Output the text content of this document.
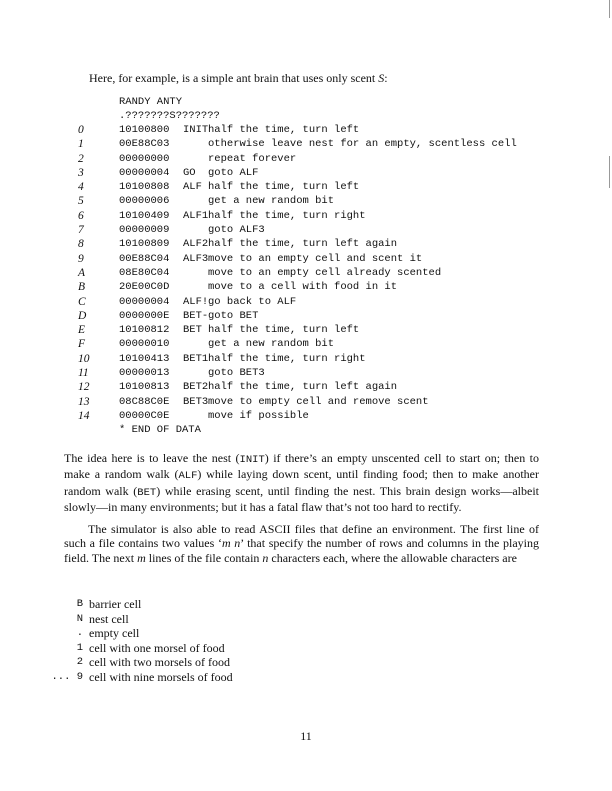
Here, for example, is a simple ant brain that uses only scent S:
RANDY ANTY
.???????S???????
0	10100800 INIT half the time, turn left
1	00E88C03	otherwise leave nest for an empty, scentless cell
2	00000000	repeat forever
3	00000004 GO goto ALF
4	10100808 ALF half the time, turn left
5	00000006	get a new random bit
6	10100409 ALF1 half the time, turn right
7	00000009	goto ALF3
8	10100809 ALF2 half the time, turn left again
9	00E88C04 ALF3 move to an empty cell and scent it
A	08E80C04	move to an empty cell already scented
B	20E00C0D	move to a cell with food in it
C	00000004 ALF! go back to ALF
D	0000000E BET- goto BET
E	10100812 BET half the time, turn left
F	00000010	get a new random bit
10	10100413 BET1 half the time, turn right
11	00000013	goto BET3
12	10100813 BET2 half the time, turn left again
13	08C88C0E BET3 move to empty cell and remove scent
14	00000C0E	move if possible
* END OF DATA
The idea here is to leave the nest (INIT) if there’s an empty unscented cell to start on; then to make a random walk (ALF) while laying down scent, until finding food; then to make another random walk (BET) while erasing scent, until finding the nest. This brain design works—albeit slowly—in many environments; but it has a fatal flaw that’s not too hard to rectify.
The simulator is also able to read ASCII files that define an environment. The first line of such a file contains two values ‘m n’ that specify the number of rows and columns in the playing field. The next m lines of the file contain n characters each, where the allowable characters are
B barrier cell
N nest cell
. empty cell
1 cell with one morsel of food
2 cell with two morsels of food
... 9 cell with nine morsels of food
11
